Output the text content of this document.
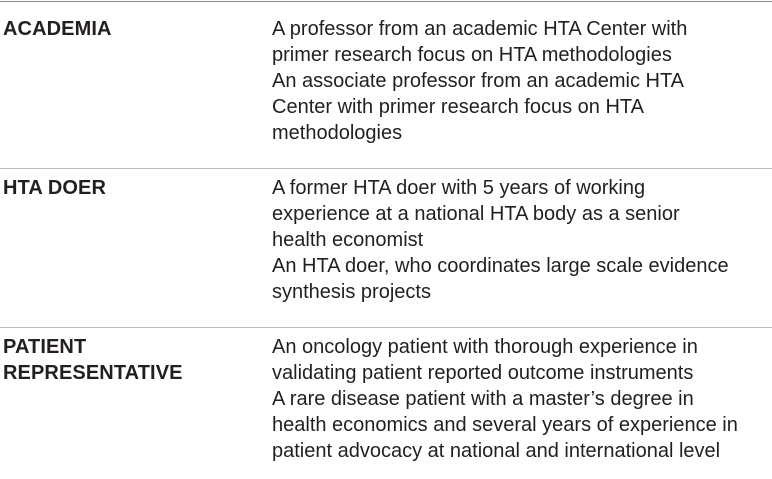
ACADEMIA	A professor from an academic HTA Center with
primer research focus on HTA methodologies
An associate professor from an academic HTA
Center with primer research focus on HTA
methodologies
HTA DOER	A former HTA doer with 5 years of working
experience at a national HTA body as a senior
health economist
An HTA doer, who coordinates large scale evidence
synthesis projects
PATIENT
REPRESENTATIVE
An oncology patient with thorough experience in
validating patient reported outcome instruments
A rare disease patient with a master’s degree in
health economics and several years of experience in
patient advocacy at national and international level
